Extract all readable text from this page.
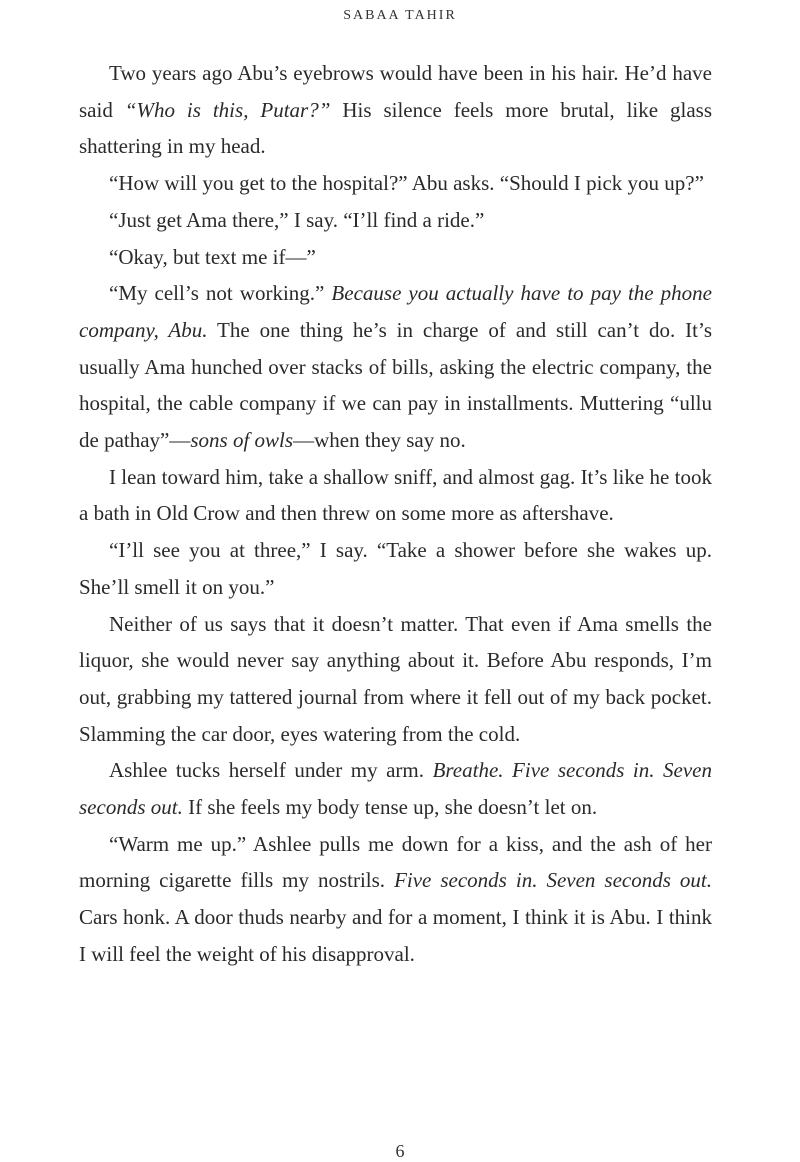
SABAA TAHIR

Two years ago Abu’s eyebrows would have been in his hair. He’d have said “Who is this, Putar?” His silence feels more brutal, like glass shattering in my head.

“How will you get to the hospital?” Abu asks. “Should I pick you up?”

“Just get Ama there,” I say. “I’ll find a ride.”

“Okay, but text me if—”

“My cell’s not working.” Because you actually have to pay the phone company, Abu. The one thing he’s in charge of and still can’t do. It’s usually Ama hunched over stacks of bills, asking the electric company, the hospital, the cable company if we can pay in installments. Muttering “ullu de pathay”—sons of owls—when they say no.

I lean toward him, take a shallow sniff, and almost gag. It’s like he took a bath in Old Crow and then threw on some more as aftershave.

“I’ll see you at three,” I say. “Take a shower before she wakes up. She’ll smell it on you.”

Neither of us says that it doesn’t matter. That even if Ama smells the liquor, she would never say anything about it. Before Abu responds, I’m out, grabbing my tattered journal from where it fell out of my back pocket. Slamming the car door, eyes watering from the cold.

Ashlee tucks herself under my arm. Breathe. Five seconds in. Seven seconds out. If she feels my body tense up, she doesn’t let on.

“Warm me up.” Ashlee pulls me down for a kiss, and the ash of her morning cigarette fills my nostrils. Five seconds in. Seven seconds out. Cars honk. A door thuds nearby and for a moment, I think it is Abu. I think I will feel the weight of his disapproval.

6
